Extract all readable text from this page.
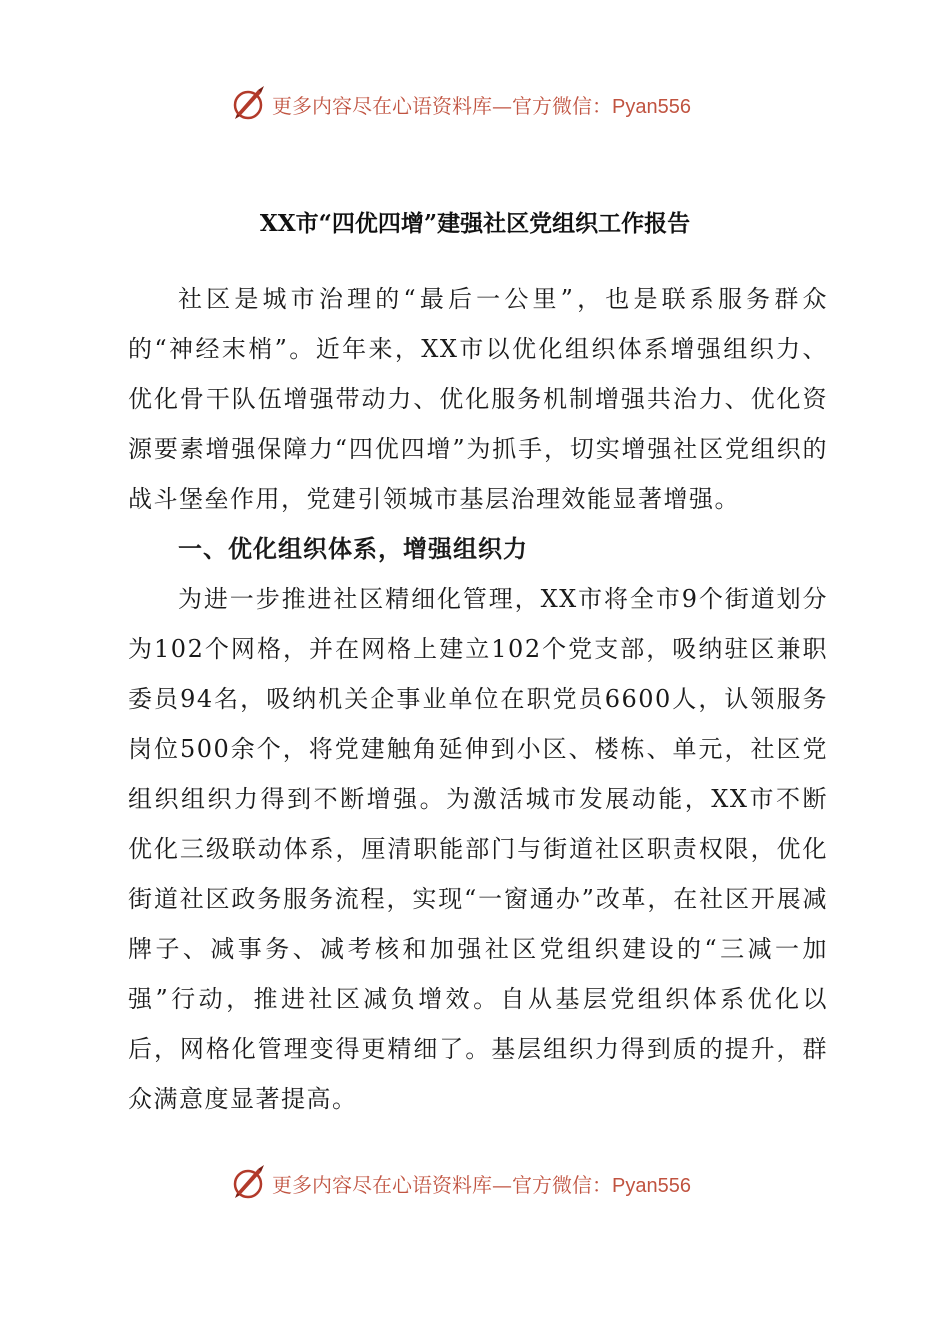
更多内容尽在心语资料库—官方微信：Pyan556
XX市“四优四增”建强社区党组织工作报告

社区是城市治理的“最后一公里”，也是联系服务群众的“神经末梢”。近年来，XX市以优化组织体系增强组织力、优化骨干队伍增强带动力、优化服务机制增强共治力、优化资源要素增强保障力“四优四增”为抓手，切实增强社区党组织的战斗堡垒作用，党建引领城市基层治理效能显著增强。

一、优化组织体系，增强组织力

为进一步推进社区精细化管理，XX市将全市9个街道划分为102个网格，并在网格上建立102个党支部，吸纳驻区兼职委员94名，吸纳机关企事业单位在职党员6600人，认领服务岗位500余个，将党建触角延伸到小区、楼栋、单元，社区党组织组织力得到不断增强。为激活城市发展动能，XX市不断优化三级联动体系，厘清职能部门与街道社区职责权限，优化街道社区政务服务流程，实现“一窗通办”改革，在社区开展减牌子、减事务、减考核和加强社区党组织建设的“三减一加强”行动，推进社区减负增效。自从基层党组织体系优化以后，网格化管理变得更精细了。基层组织力得到质的提升，群众满意度显著提高。

更多内容尽在心语资料库—官方微信：Pyan556
